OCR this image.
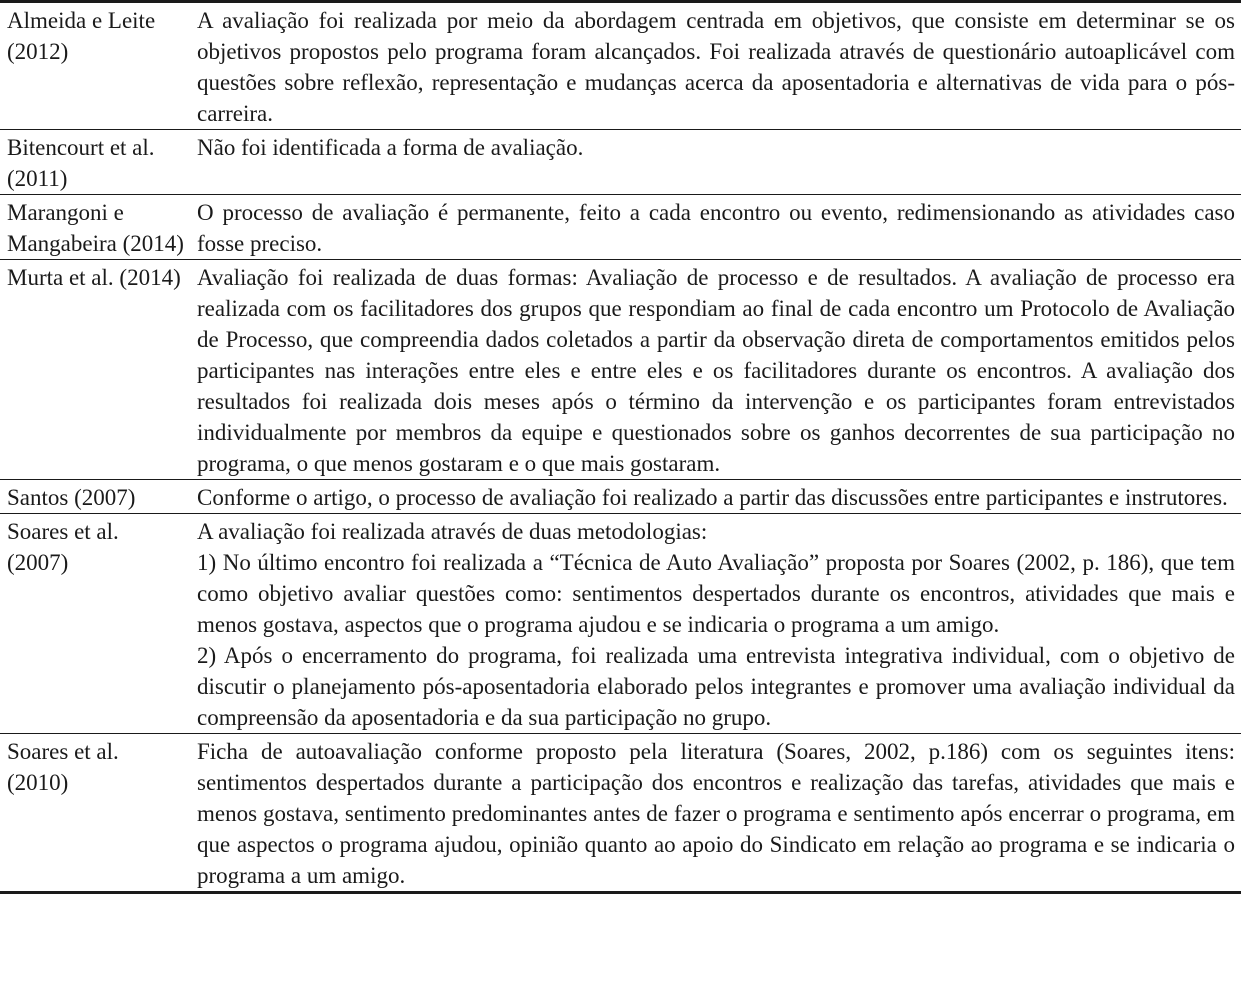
Almeida e Leite (2012)	A avaliação foi realizada por meio da abordagem centrada em objetivos, que consiste em determinar se os objetivos propostos pelo programa foram alcançados. Foi realizada através de questionário autoaplicável com questões sobre reflexão, representação e mudanças acerca da aposentadoria e alternativas de vida para o pós-carreira.

Bitencourt et al. (2011)	Não foi identificada a forma de avaliação.

Marangoni e Mangabeira (2014)	O processo de avaliação é permanente, feito a cada encontro ou evento, redimensionando as atividades caso fosse preciso.

Murta et al. (2014)	Avaliação foi realizada de duas formas: Avaliação de processo e de resultados. A avaliação de processo era realizada com os facilitadores dos grupos que respondiam ao final de cada encontro um Protocolo de Avaliação de Processo, que compreendia dados coletados a partir da observação direta de comportamentos emitidos pelos participantes nas interações entre eles e entre eles e os facilitadores durante os encontros. A avaliação dos resultados foi realizada dois meses após o término da intervenção e os participantes foram entrevistados individualmente por membros da equipe e questionados sobre os ganhos decorrentes de sua participação no programa, o que menos gostaram e o que mais gostaram.

Santos (2007)	Conforme o artigo, o processo de avaliação foi realizado a partir das discussões entre participantes e instrutores.

Soares et al. (2007)	A avaliação foi realizada através de duas metodologias:
1) No último encontro foi realizada a “Técnica de Auto Avaliação” proposta por Soares (2002, p. 186), que tem como objetivo avaliar questões como: sentimentos despertados durante os encontros, atividades que mais e menos gostava, aspectos que o programa ajudou e se indicaria o programa a um amigo.
2) Após o encerramento do programa, foi realizada uma entrevista integrativa individual, com o objetivo de discutir o planejamento pós-aposentadoria elaborado pelos integrantes e promover uma avaliação individual da compreensão da aposentadoria e da sua participação no grupo.

Soares et al. (2010)	Ficha de autoavaliação conforme proposto pela literatura (Soares, 2002, p.186) com os seguintes itens: sentimentos despertados durante a participação dos encontros e realização das tarefas, atividades que mais e menos gostava, sentimento predominantes antes de fazer o programa e sentimento após encerrar o programa, em que aspectos o programa ajudou, opinião quanto ao apoio do Sindicato em relação ao programa e se indicaria o programa a um amigo.
